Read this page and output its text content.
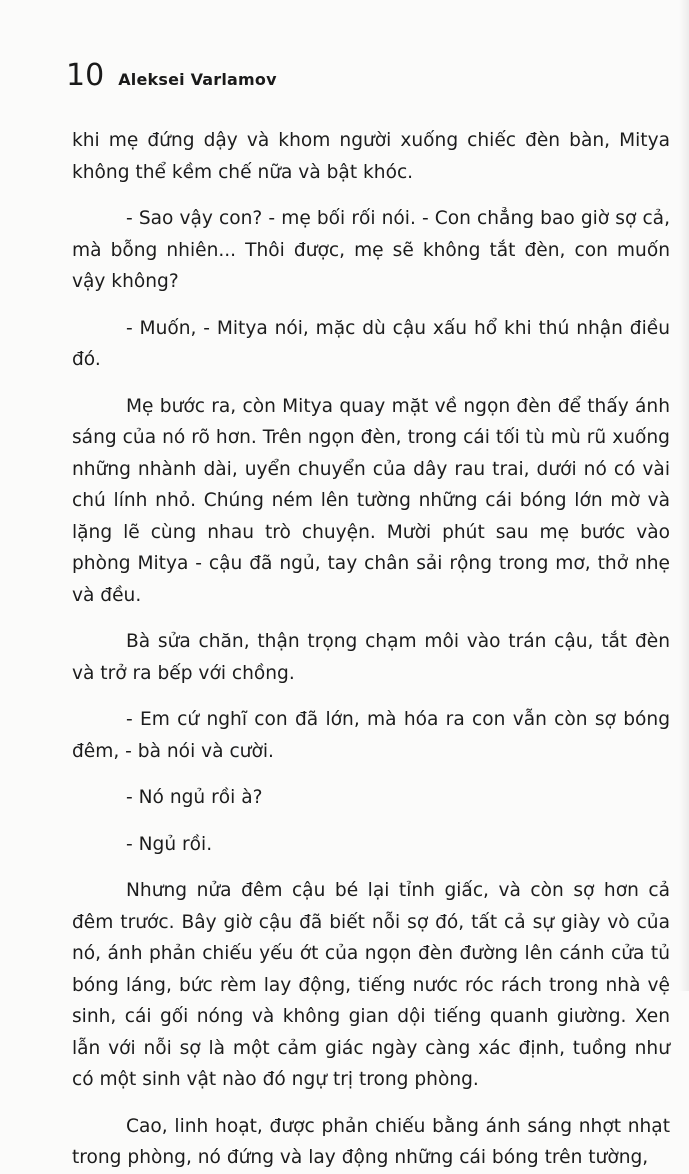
10 Aleksei Varlamov

khi mẹ đứng dậy và khom người xuống chiếc đèn bàn, Mitya không thể kềm chế nữa và bật khóc.

- Sao vậy con? - mẹ bối rối nói. - Con chẳng bao giờ sợ cả, mà bỗng nhiên... Thôi được, mẹ sẽ không tắt đèn, con muốn vậy không?

- Muốn, - Mitya nói, mặc dù cậu xấu hổ khi thú nhận điều đó.

Mẹ bước ra, còn Mitya quay mặt về ngọn đèn để thấy ánh sáng của nó rõ hơn. Trên ngọn đèn, trong cái tối tù mù rũ xuống những nhành dài, uyển chuyển của dây rau trai, dưới nó có vài chú lính nhỏ. Chúng ném lên tường những cái bóng lớn mờ và lặng lẽ cùng nhau trò chuyện. Mười phút sau mẹ bước vào phòng Mitya - cậu đã ngủ, tay chân sải rộng trong mơ, thở nhẹ và đều.

Bà sửa chăn, thận trọng chạm môi vào trán cậu, tắt đèn và trở ra bếp với chồng.

- Em cứ nghĩ con đã lớn, mà hóa ra con vẫn còn sợ bóng đêm, - bà nói và cười.

- Nó ngủ rồi à?

- Ngủ rồi.

Nhưng nửa đêm cậu bé lại tỉnh giấc, và còn sợ hơn cả đêm trước. Bây giờ cậu đã biết nỗi sợ đó, tất cả sự giày vò của nó, ánh phản chiếu yếu ớt của ngọn đèn đường lên cánh cửa tủ bóng láng, bức rèm lay động, tiếng nước róc rách trong nhà vệ sinh, cái gối nóng và không gian dội tiếng quanh giường. Xen lẫn với nỗi sợ là một cảm giác ngày càng xác định, tuồng như có một sinh vật nào đó ngự trị trong phòng.

Cao, linh hoạt, được phản chiếu bằng ánh sáng nhợt nhạt trong phòng, nó đứng và lay động những cái bóng trên tường,
